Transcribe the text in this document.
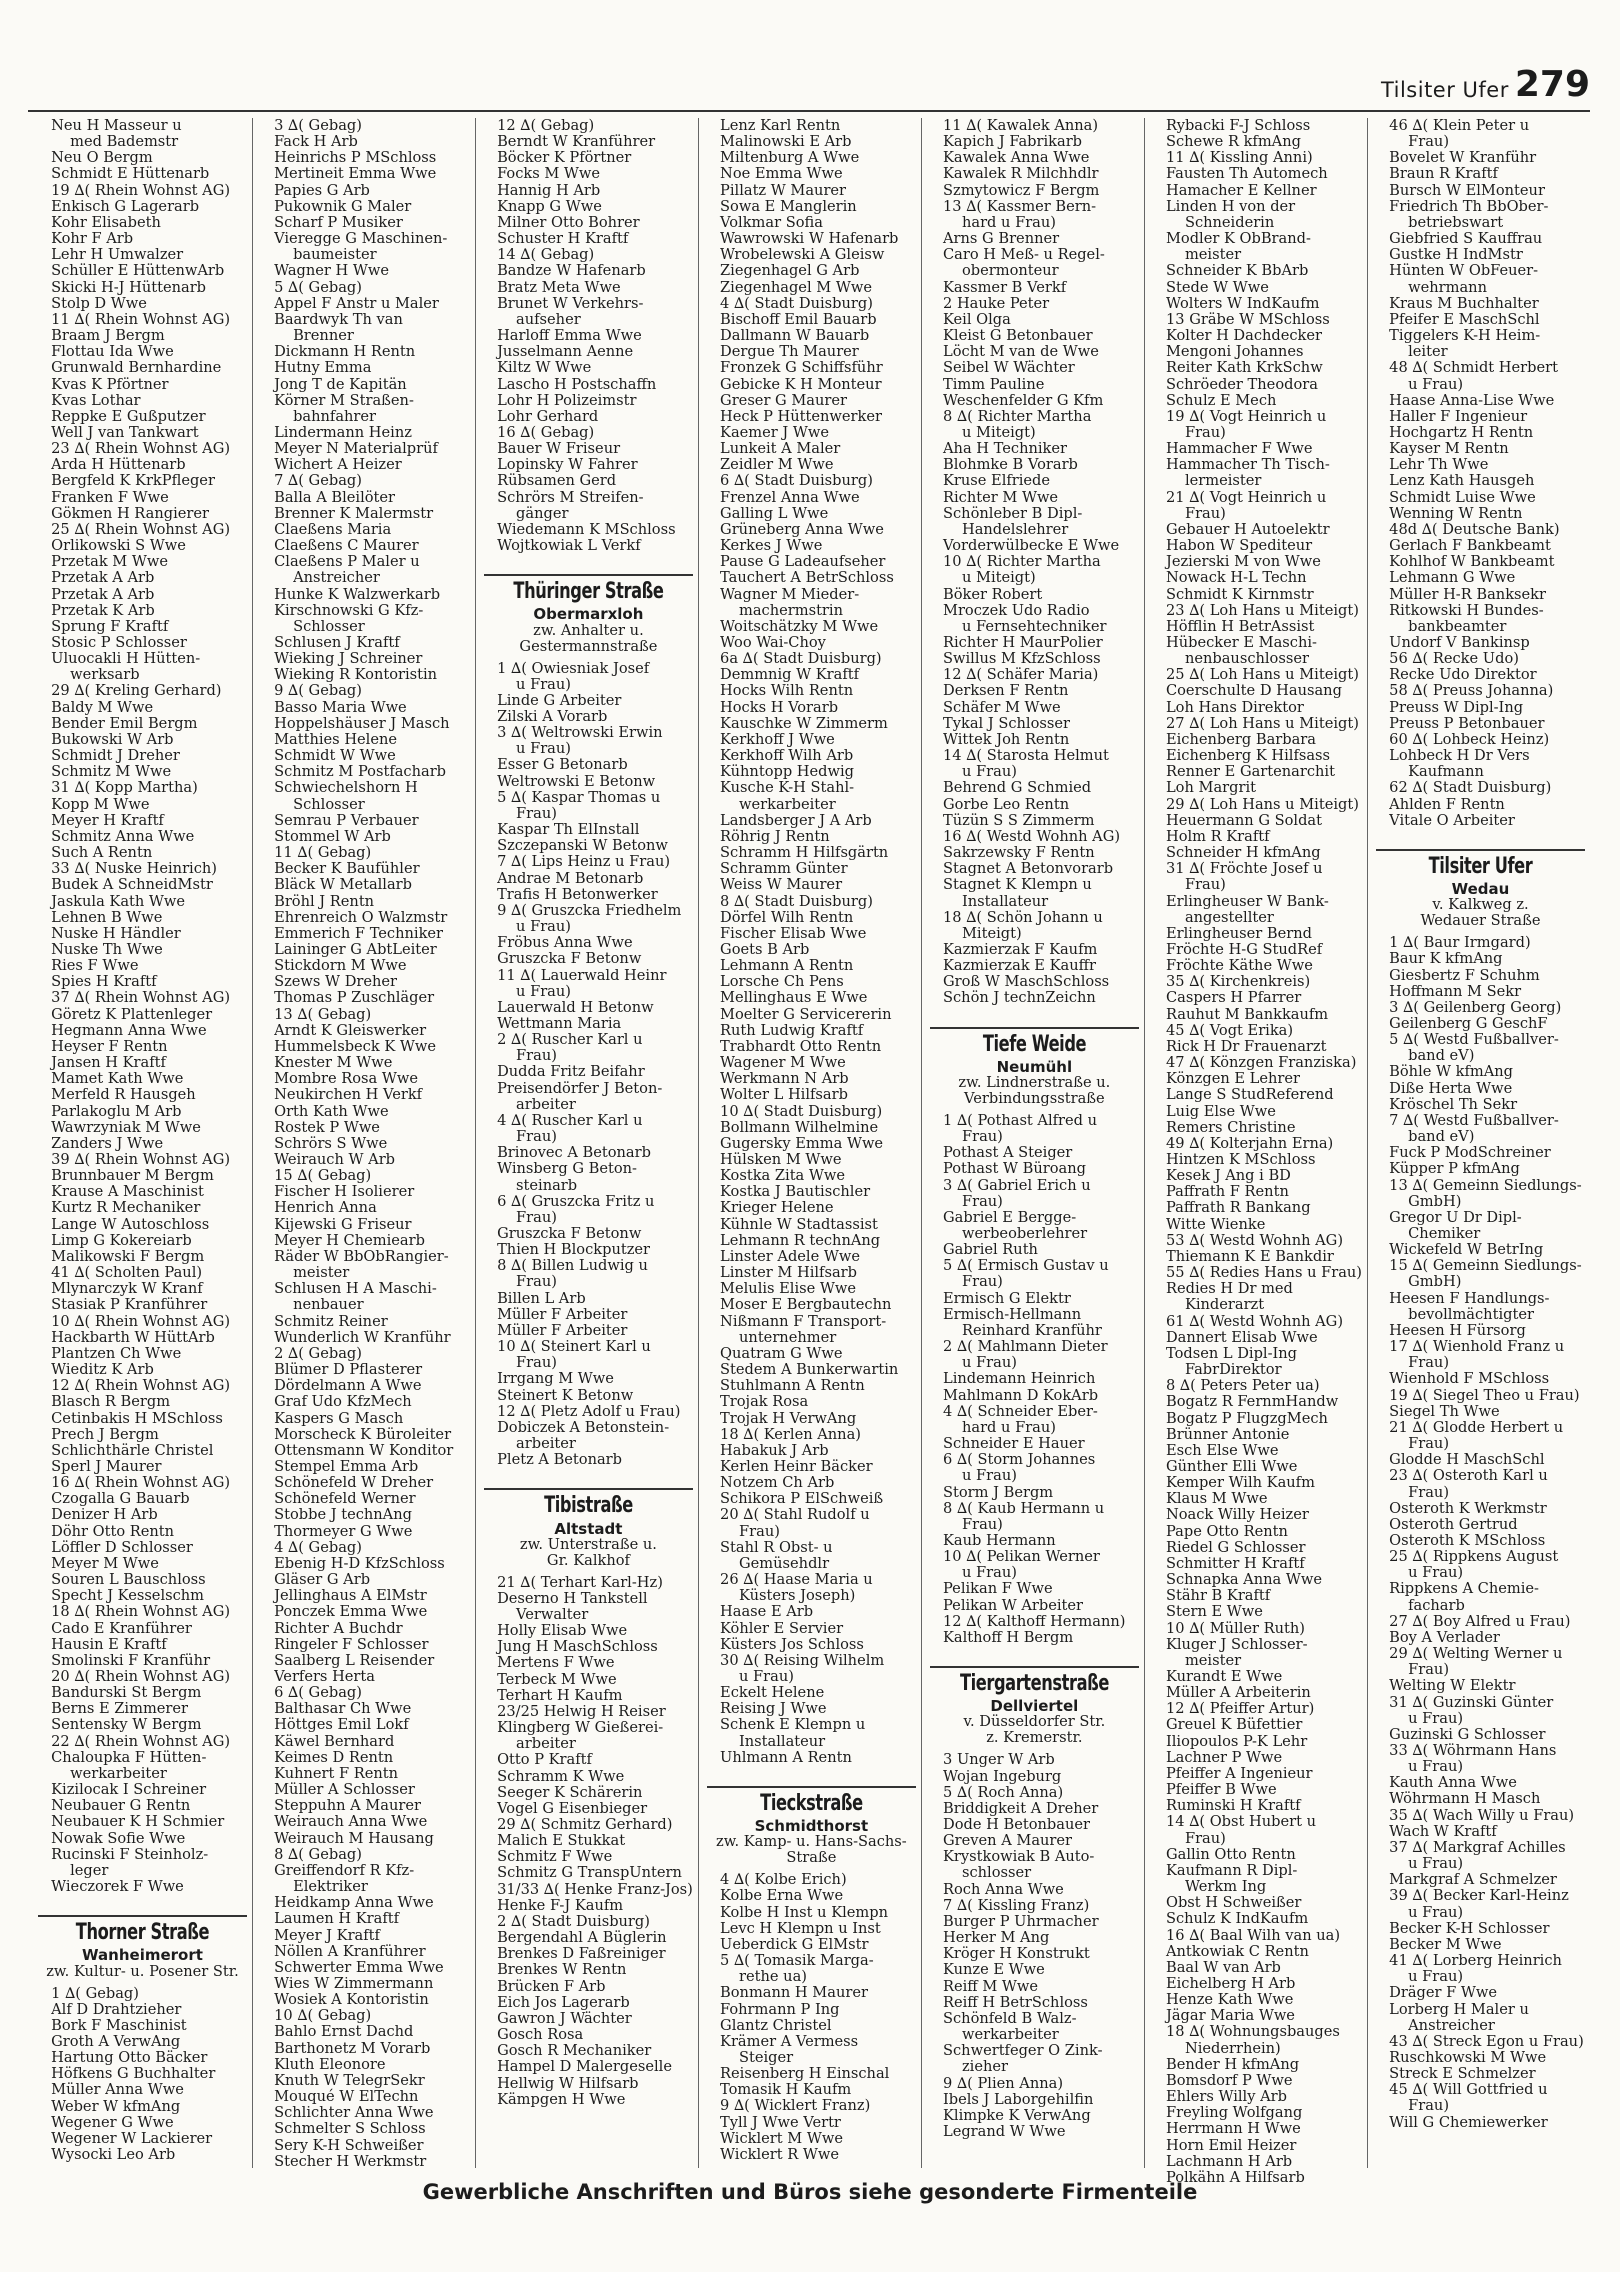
Tilsiter Ufer 279
Neu H Masseur u
med Bademstr
Neu O Bergm
Schmidt E Hüttenarb
19 ∆( Rhein Wohnst AG)
Enkisch G Lagerarb
Kohr Elisabeth
Kohr F Arb
Lehr H Umwalzer
Schüller E HüttenwArb
Skicki H-J Hüttenarb
Stolp D Wwe
11 ∆( Rhein Wohnst AG)
Braam J Bergm
Flottau Ida Wwe
Grunwald Bernhardine
Kvas K Pförtner
Kvas Lothar
Reppke E Gußputzer
Well J van Tankwart
23 ∆( Rhein Wohnst AG)
Arda H Hüttenarb
Bergfeld K KrkPfleger
Franken F Wwe
Gökmen H Rangierer
25 ∆( Rhein Wohnst AG)
Orlikowski S Wwe
Przetak M Wwe
Przetak A Arb
Przetak A Arb
Przetak K Arb
Sprung F Kraftf
Stosic P Schlosser
Uluocakli H Hütten-
werksarb
29 ∆( Kreling Gerhard)
Baldy M Wwe
Bender Emil Bergm
Bukowski W Arb
Schmidt J Dreher
Schmitz M Wwe
31 ∆( Kopp Martha)
Kopp M Wwe
Meyer H Kraftf
Schmitz Anna Wwe
Such A Rentn
33 ∆( Nuske Heinrich)
Budek A SchneidMstr
Jaskula Kath Wwe
Lehnen B Wwe
Nuske H Händler
Nuske Th Wwe
Ries F Wwe
Spies H Kraftf
37 ∆( Rhein Wohnst AG)
Göretz K Plattenleger
Hegmann Anna Wwe
Heyser F Rentn
Jansen H Kraftf
Mamet Kath Wwe
Merfeld R Hausgeh
Parlakoglu M Arb
Wawrzyniak M Wwe
Zanders J Wwe
39 ∆( Rhein Wohnst AG)
Brunnbauer M Bergm
Krause A Maschinist
Kurtz R Mechaniker
Lange W Autoschloss
Limp G Kokereiarb
Malikowski F Bergm
41 ∆( Scholten Paul)
Mlynarczyk W Kranf
Stasiak P Kranführer
10 ∆( Rhein Wohnst AG)
Hackbarth W HüttArb
Plantzen Ch Wwe
Wieditz K Arb
12 ∆( Rhein Wohnst AG)
Blasch R Bergm
Cetinbakis H MSchloss
Prech J Bergm
Schlichthärle Christel
Sperl J Maurer
16 ∆( Rhein Wohnst AG)
Czogalla G Bauarb
Denizer H Arb
Döhr Otto Rentn
Löffler D Schlosser
Meyer M Wwe
Souren L Bauschloss
Specht J Kesselschm
18 ∆( Rhein Wohnst AG)
Cado E Kranführer
Hausin E Kraftf
Smolinski F Kranführ
20 ∆( Rhein Wohnst AG)
Bandurski St Bergm
Berns E Zimmerer
Sentensky W Bergm
22 ∆( Rhein Wohnst AG)
Chaloupka F Hütten-
werkarbeiter
Kizilocak I Schreiner
Neubauer G Rentn
Neubauer K H Schmier
Nowak Sofie Wwe
Rucinski F Steinholz-
leger
Wieczorek F Wwe
Thorner Straße
Wanheimerort
zw. Kultur- u. Posener Str.
1 ∆( Gebag)
Alf D Drahtzieher
Bork F Maschinist
Groth A VerwAng
Hartung Otto Bäcker
Höfkens G Buchhalter
Müller Anna Wwe
Weber W kfmAng
Wegener G Wwe
Wegener W Lackierer
Wysocki Leo Arb
3 ∆( Gebag)
Fack H Arb
Heinrichs P MSchloss
Mertineit Emma Wwe
Papies G Arb
Pukownik G Maler
Scharf P Musiker
Vieregge G Maschinen-
baumeister
Wagner H Wwe
5 ∆( Gebag)
Appel F Anstr u Maler
Baardwyk Th van
Brenner
Dickmann H Rentn
Hutny Emma
Jong T de Kapitän
Körner M Straßen-
bahnfahrer
Lindermann Heinz
Meyer N Materialprüf
Wichert A Heizer
7 ∆( Gebag)
Balla A Bleilöter
Brenner K Malermstr
Claeßens Maria
Claeßens C Maurer
Claeßens P Maler u
Anstreicher
Hunke K Walzwerkarb
Kirschnowski G Kfz-
Schlosser
Schlusen J Kraftf
Wieking J Schreiner
Wieking R Kontoristin
9 ∆( Gebag)
Basso Maria Wwe
Hoppelshäuser J Masch
Matthies Helene
Schmidt W Wwe
Schmitz M Postfacharb
Schwiechelshorn H
Schlosser
Semrau P Verbauer
Stommel W Arb
11 ∆( Gebag)
Becker K Baufühler
Bläck W Metallarb
Bröhl J Rentn
Ehrenreich O Walzmstr
Emmerich F Techniker
Laininger G AbtLeiter
Stickdorn M Wwe
Szews W Dreher
Thomas P Zuschläger
13 ∆( Gebag)
Arndt K Gleiswerker
Hummelsbeck K Wwe
Knester M Wwe
Mombre Rosa Wwe
Neukirchen H Verkf
Orth Kath Wwe
Rostek P Wwe
Schrörs S Wwe
Weirauch W Arb
15 ∆( Gebag)
Fischer H Isolierer
Henrich Anna
Kijewski G Friseur
Meyer H Chemiearb
Räder W BbObRangier-
meister
Schlusen H A Maschi-
nenbauer
Schmitz Reiner
Wunderlich W Kranführ
2 ∆( Gebag)
Blümer D Pflasterer
Dördelmann A Wwe
Graf Udo KfzMech
Kaspers G Masch
Morscheck K Büroleiter
Ottensmann W Konditor
Stempel Emma Arb
Schönefeld W Dreher
Schönefeld Werner
Stobbe J technAng
Thormeyer G Wwe
4 ∆( Gebag)
Ebenig H-D KfzSchloss
Gläser G Arb
Jellinghaus A ElMstr
Ponczek Emma Wwe
Richter A Buchdr
Ringeler F Schlosser
Saalberg L Reisender
Verfers Herta
6 ∆( Gebag)
Balthasar Ch Wwe
Höttges Emil Lokf
Käwel Bernhard
Keimes D Rentn
Kuhnert F Rentn
Müller A Schlosser
Steppuhn A Maurer
Weirauch Anna Wwe
Weirauch M Hausang
8 ∆( Gebag)
Greiffendorf R Kfz-
Elektriker
Heidkamp Anna Wwe
Laumen H Kraftf
Meyer J Kraftf
Nöllen A Kranführer
Schwerter Emma Wwe
Wies W Zimmermann
Wosiek A Kontoristin
10 ∆( Gebag)
Bahlo Ernst Dachd
Barthonetz M Vorarb
Kluth Eleonore
Knuth W TelegrSekr
Mouqué W ElTechn
Schlichter Anna Wwe
Schmelter S Schloss
Sery K-H Schweißer
Stecher H Werkmstr
12 ∆( Gebag)
Berndt W Kranführer
Böcker K Pförtner
Focks M Wwe
Hannig H Arb
Knapp G Wwe
Milner Otto Bohrer
Schuster H Kraftf
14 ∆( Gebag)
Bandze W Hafenarb
Bratz Meta Wwe
Brunet W Verkehrs-
aufseher
Harloff Emma Wwe
Jusselmann Aenne
Kiltz W Wwe
Lascho H Postschaffn
Lohr H Polizeimstr
Lohr Gerhard
16 ∆( Gebag)
Bauer W Friseur
Lopinsky W Fahrer
Rübsamen Gerd
Schrörs M Streifen-
gänger
Wiedemann K MSchloss
Wojtkowiak L Verkf
Thüringer Straße
Obermarxloh
zw. Anhalter u.
Gestermannstraße
1 ∆( Owiesniak Josef
u Frau)
Linde G Arbeiter
Zilski A Vorarb
3 ∆( Weltrowski Erwin
u Frau)
Esser G Betonarb
Weltrowski E Betonw
5 ∆( Kaspar Thomas u
Frau)
Kaspar Th ElInstall
Szczepanski W Betonw
7 ∆( Lips Heinz u Frau)
Andrae M Betonarb
Trafis H Betonwerker
9 ∆( Gruszcka Friedhelm
u Frau)
Fröbus Anna Wwe
Gruszcka F Betonw
11 ∆( Lauerwald Heinr
u Frau)
Lauerwald H Betonw
Wettmann Maria
2 ∆( Ruscher Karl u
Frau)
Dudda Fritz Beifahr
Preisendörfer J Beton-
arbeiter
4 ∆( Ruscher Karl u
Frau)
Brinovec A Betonarb
Winsberg G Beton-
steinarb
6 ∆( Gruszcka Fritz u
Frau)
Gruszcka F Betonw
Thien H Blockputzer
8 ∆( Billen Ludwig u
Frau)
Billen L Arb
Müller F Arbeiter
Müller F Arbeiter
10 ∆( Steinert Karl u
Frau)
Irrgang M Wwe
Steinert K Betonw
12 ∆( Pletz Adolf u Frau)
Dobiczek A Betonstein-
arbeiter
Pletz A Betonarb
Tibistraße
Altstadt
zw. Unterstraße u.
Gr. Kalkhof
21 ∆( Terhart Karl-Hz)
Deserno H Tankstell
Verwalter
Holly Elisab Wwe
Jung H MaschSchloss
Mertens F Wwe
Terbeck M Wwe
Terhart H Kaufm
23/25 Helwig H Reiser
Klingberg W Gießerei-
arbeiter
Otto P Kraftf
Schramm K Wwe
Seeger K Schärerin
Vogel G Eisenbieger
29 ∆( Schmitz Gerhard)
Malich E Stukkat
Schmitz F Wwe
Schmitz G TranspUntern
31/33 ∆( Henke Franz-Jos)
Henke F-J Kaufm
2 ∆( Stadt Duisburg)
Bergendahl A Büglerin
Brenkes D Faßreiniger
Brenkes W Rentn
Brücken F Arb
Eich Jos Lagerarb
Gawron J Wächter
Gosch Rosa
Gosch R Mechaniker
Hampel D Malergeselle
Hellwig W Hilfsarb
Kämpgen H Wwe
Lenz Karl Rentn
Malinowski E Arb
Miltenburg A Wwe
Noe Emma Wwe
Pillatz W Maurer
Sowa E Manglerin
Volkmar Sofia
Wawrowski W Hafenarb
Wrobelewski A Gleisw
Ziegenhagel G Arb
Ziegenhagel M Wwe
4 ∆( Stadt Duisburg)
Bischoff Emil Bauarb
Dallmann W Bauarb
Dergue Th Maurer
Fronzek G Schiffsführ
Gebicke K H Monteur
Greser G Maurer
Heck P Hüttenwerker
Kaemer J Wwe
Lunkeit A Maler
Zeidler M Wwe
6 ∆( Stadt Duisburg)
Frenzel Anna Wwe
Galling L Wwe
Grüneberg Anna Wwe
Kerkes J Wwe
Pause G Ladeaufseher
Tauchert A BetrSchloss
Wagner M Mieder-
machermstrin
Woitschätzky M Wwe
Woo Wai-Choy
6a ∆( Stadt Duisburg)
Demmnig W Kraftf
Hocks Wilh Rentn
Hocks H Vorarb
Kauschke W Zimmerm
Kerkhoff J Wwe
Kerkhoff Wilh Arb
Kühntopp Hedwig
Kusche K-H Stahl-
werkarbeiter
Landsberger J A Arb
Röhrig J Rentn
Schramm H Hilfsgärtn
Schramm Günter
Weiss W Maurer
8 ∆( Stadt Duisburg)
Dörfel Wilh Rentn
Fischer Elisab Wwe
Goets B Arb
Lehmann A Rentn
Lorsche Ch Pens
Mellinghaus E Wwe
Moelter G Servicererin
Ruth Ludwig Kraftf
Trabhardt Otto Rentn
Wagener M Wwe
Werkmann N Arb
Wolter L Hilfsarb
10 ∆( Stadt Duisburg)
Bollmann Wilhelmine
Gugersky Emma Wwe
Hülsken M Wwe
Kostka Zita Wwe
Kostka J Bautischler
Krieger Helene
Kühnle W Stadtassist
Lehmann R technAng
Linster Adele Wwe
Linster M Hilfsarb
Melulis Elise Wwe
Moser E Bergbautechn
Nißmann F Transport-
unternehmer
Quatram G Wwe
Stedem A Bunkerwartin
Stuhlmann A Rentn
Trojak Rosa
Trojak H VerwAng
18 ∆( Kerlen Anna)
Habakuk J Arb
Kerlen Heinr Bäcker
Notzem Ch Arb
Schikora P ElSchweiß
20 ∆( Stahl Rudolf u
Frau)
Stahl R Obst- u
Gemüsehdlr
26 ∆( Haase Maria u
Küsters Joseph)
Haase E Arb
Köhler E Servier
Küsters Jos Schloss
30 ∆( Reising Wilhelm
u Frau)
Eckelt Helene
Reising J Wwe
Schenk E Klempn u
Installateur
Uhlmann A Rentn
Tieckstraße
Schmidthorst
zw. Kamp- u. Hans-Sachs-
Straße
4 ∆( Kolbe Erich)
Kolbe Erna Wwe
Kolbe H Inst u Klempn
Levc H Klempn u Inst
Ueberdick G ElMstr
5 ∆( Tomasik Marga-
rethe ua)
Bonmann H Maurer
Fohrmann P Ing
Glantz Christel
Krämer A Vermess
Steiger
Reisenberg H Einschal
Tomasik H Kaufm
9 ∆( Wicklert Franz)
Tyll J Wwe Vertr
Wicklert M Wwe
Wicklert R Wwe
11 ∆( Kawalek Anna)
Kapich J Fabrikarb
Kawalek Anna Wwe
Kawalek R Milchhdlr
Szmytowicz F Bergm
13 ∆( Kassmer Bern-
hard u Frau)
Arns G Brenner
Caro H Meß- u Regel-
obermonteur
Kassmer B Verkf
2 Hauke Peter
Keil Olga
Kleist G Betonbauer
Löcht M van de Wwe
Seibel W Wächter
Timm Pauline
Weschenfelder G Kfm
8 ∆( Richter Martha
u Miteigt)
Aha H Techniker
Blohmke B Vorarb
Kruse Elfriede
Richter M Wwe
Schönleber B Dipl-
Handelslehrer
Vorderwülbecke E Wwe
10 ∆( Richter Martha
u Miteigt)
Böker Robert
Mroczek Udo Radio
u Fernsehtechniker
Richter H MaurPolier
Swillus M KfzSchloss
12 ∆( Schäfer Maria)
Derksen F Rentn
Schäfer M Wwe
Tykal J Schlosser
Wittek Joh Rentn
14 ∆( Starosta Helmut
u Frau)
Behrend G Schmied
Gorbe Leo Rentn
Tüzün S S Zimmerm
16 ∆( Westd Wohnh AG)
Sakrzewsky F Rentn
Stagnet A Betonvorarb
Stagnet K Klempn u
Installateur
18 ∆( Schön Johann u
Miteigt)
Kazmierzak F Kaufm
Kazmierzak E Kauffr
Groß W MaschSchloss
Schön J technZeichn
Tiefe Weide
Neumühl
zw. Lindnerstraße u.
Verbindungsstraße
1 ∆( Pothast Alfred u
Frau)
Pothast A Steiger
Pothast W Büroang
3 ∆( Gabriel Erich u
Frau)
Gabriel E Bergge-
werbeoberlehrer
Gabriel Ruth
5 ∆( Ermisch Gustav u
Frau)
Ermisch G Elektr
Ermisch-Hellmann
Reinhard Kranführ
2 ∆( Mahlmann Dieter
u Frau)
Lindemann Heinrich
Mahlmann D KokArb
4 ∆( Schneider Eber-
hard u Frau)
Schneider E Hauer
6 ∆( Storm Johannes
u Frau)
Storm J Bergm
8 ∆( Kaub Hermann u
Frau)
Kaub Hermann
10 ∆( Pelikan Werner
u Frau)
Pelikan F Wwe
Pelikan W Arbeiter
12 ∆( Kalthoff Hermann)
Kalthoff H Bergm
Tiergartenstraße
Dellviertel
v. Düsseldorfer Str.
z. Kremerstr.
3 Unger W Arb
Wojan Ingeburg
5 ∆( Roch Anna)
Briddigkeit A Dreher
Dode H Betonbauer
Greven A Maurer
Krystkowiak B Auto-
schlosser
Roch Anna Wwe
7 ∆( Kissling Franz)
Burger P Uhrmacher
Herker M Ang
Kröger H Konstrukt
Kunze E Wwe
Reiff M Wwe
Reiff H BetrSchloss
Schönfeld B Walz-
werkarbeiter
Schwertfeger O Zink-
zieher
9 ∆( Plien Anna)
Ibels J Laborgehilfin
Klimpke K VerwAng
Legrand W Wwe
Rybacki F-J Schloss
Schewe R kfmAng
11 ∆( Kissling Anni)
Fausten Th Automech
Hamacher E Kellner
Linden H von der
Schneiderin
Modler K ObBrand-
meister
Schneider K BbArb
Stede W Wwe
Wolters W IndKaufm
13 Gräbe W MSchloss
Kolter H Dachdecker
Mengoni Johannes
Reiter Kath KrkSchw
Schröeder Theodora
Schulz E Mech
19 ∆( Vogt Heinrich u
Frau)
Hammacher F Wwe
Hammacher Th Tisch-
lermeister
21 ∆( Vogt Heinrich u
Frau)
Gebauer H Autoelektr
Habon W Spediteur
Jezierski M von Wwe
Nowack H-L Techn
Schmidt K Kirnmstr
23 ∆( Loh Hans u Miteigt)
Höfflin H BetrAssist
Hübecker E Maschi-
nenbauschlosser
25 ∆( Loh Hans u Miteigt)
Coerschulte D Hausang
Loh Hans Direktor
27 ∆( Loh Hans u Miteigt)
Eichenberg Barbara
Eichenberg K Hilfsass
Renner E Gartenarchit
Loh Margrit
29 ∆( Loh Hans u Miteigt)
Heuermann G Soldat
Holm R Kraftf
Schneider H kfmAng
31 ∆( Fröchte Josef u
Frau)
Erlingheuser W Bank-
angestellter
Erlingheuser Bernd
Fröchte H-G StudRef
Fröchte Käthe Wwe
35 ∆( Kirchenkreis)
Caspers H Pfarrer
Rauhut M Bankkaufm
45 ∆( Vogt Erika)
Rick H Dr Frauenarzt
47 ∆( Könzgen Franziska)
Könzgen E Lehrer
Lange S StudReferend
Luig Else Wwe
Remers Christine
49 ∆( Kolterjahn Erna)
Hintzen K MSchloss
Kesek J Ang i BD
Paffrath F Rentn
Paffrath R Bankang
Witte Wienke
53 ∆( Westd Wohnh AG)
Thiemann K E Bankdir
55 ∆( Redies Hans u Frau)
Redies H Dr med
Kinderarzt
61 ∆( Westd Wohnh AG)
Dannert Elisab Wwe
Todsen L Dipl-Ing
FabrDirektor
8 ∆( Peters Peter ua)
Bogatz R FernmHandw
Bogatz P FlugzgMech
Brünner Antonie
Esch Else Wwe
Günther Elli Wwe
Kemper Wilh Kaufm
Klaus M Wwe
Noack Willy Heizer
Pape Otto Rentn
Riedel G Schlosser
Schmitter H Kraftf
Schnapka Anna Wwe
Stähr B Kraftf
Stern E Wwe
10 ∆( Müller Ruth)
Kluger J Schlosser-
meister
Kurandt E Wwe
Müller A Arbeiterin
12 ∆( Pfeiffer Artur)
Greuel K Büfettier
Iliopoulos P-K Lehr
Lachner P Wwe
Pfeiffer A Ingenieur
Pfeiffer B Wwe
Ruminski H Kraftf
14 ∆( Obst Hubert u
Frau)
Gallin Otto Rentn
Kaufmann R Dipl-
Werkm Ing
Obst H Schweißer
Schulz K IndKaufm
16 ∆( Baal Wilh van ua)
Antkowiak C Rentn
Baal W van Arb
Eichelberg H Arb
Henze Kath Wwe
Jägar Maria Wwe
18 ∆( Wohnungsbauges
Niederrhein)
Bender H kfmAng
Bomsdorf P Wwe
Ehlers Willy Arb
Freyling Wolfgang
Herrmann H Wwe
Horn Emil Heizer
Lachmann H Arb
Polkähn A Hilfsarb
46 ∆( Klein Peter u
Frau)
Bovelet W Kranführ
Braun R Kraftf
Bursch W ElMonteur
Friedrich Th BbOber-
betriebswart
Giebfried S Kauffrau
Gustke H IndMstr
Hünten W ObFeuer-
wehrmann
Kraus M Buchhalter
Pfeifer E MaschSchl
Tiggelers K-H Heim-
leiter
48 ∆( Schmidt Herbert
u Frau)
Haase Anna-Lise Wwe
Haller F Ingenieur
Hochgartz H Rentn
Kayser M Rentn
Lehr Th Wwe
Lenz Kath Hausgeh
Schmidt Luise Wwe
Wenning W Rentn
48d ∆( Deutsche Bank)
Gerlach F Bankbeamt
Kohlhof W Bankbeamt
Lehmann G Wwe
Müller H-R Banksekr
Ritkowski H Bundes-
bankbeamter
Undorf V Bankinsp
56 ∆( Recke Udo)
Recke Udo Direktor
58 ∆( Preuss Johanna)
Preuss W Dipl-Ing
Preuss P Betonbauer
60 ∆( Lohbeck Heinz)
Lohbeck H Dr Vers
Kaufmann
62 ∆( Stadt Duisburg)
Ahlden F Rentn
Vitale O Arbeiter
Tilsiter Ufer
Wedau
v. Kalkweg z.
Wedauer Straße
1 ∆( Baur Irmgard)
Baur K kfmAng
Giesbertz F Schuhm
Hoffmann M Sekr
3 ∆( Geilenberg Georg)
Geilenberg G GeschF
5 ∆( Westd Fußballver-
band eV)
Böhle W kfmAng
Diße Herta Wwe
Kröschel Th Sekr
7 ∆( Westd Fußballver-
band eV)
Fuck P ModSchreiner
Küpper P kfmAng
13 ∆( Gemeinn Siedlungs-
GmbH)
Gregor U Dr Dipl-
Chemiker
Wickefeld W BetrIng
15 ∆( Gemeinn Siedlungs-
GmbH)
Heesen F Handlungs-
bevollmächtigter
Heesen H Fürsorg
17 ∆( Wienhold Franz u
Frau)
Wienhold F MSchloss
19 ∆( Siegel Theo u Frau)
Siegel Th Wwe
21 ∆( Glodde Herbert u
Frau)
Glodde H MaschSchl
23 ∆( Osteroth Karl u
Frau)
Osteroth K Werkmstr
Osteroth Gertrud
Osteroth K MSchloss
25 ∆( Rippkens August
u Frau)
Rippkens A Chemie-
facharb
27 ∆( Boy Alfred u Frau)
Boy A Verlader
29 ∆( Welting Werner u
Frau)
Welting W Elektr
31 ∆( Guzinski Günter
u Frau)
Guzinski G Schlosser
33 ∆( Wöhrmann Hans
u Frau)
Kauth Anna Wwe
Wöhrmann H Masch
35 ∆( Wach Willy u Frau)
Wach W Kraftf
37 ∆( Markgraf Achilles
u Frau)
Markgraf A Schmelzer
39 ∆( Becker Karl-Heinz
u Frau)
Becker K-H Schlosser
Becker M Wwe
41 ∆( Lorberg Heinrich
u Frau)
Dräger F Wwe
Lorberg H Maler u
Anstreicher
43 ∆( Streck Egon u Frau)
Ruschkowski M Wwe
Streck E Schmelzer
45 ∆( Will Gottfried u
Frau)
Will G Chemiewerker
Gewerbliche Anschriften und Büros siehe gesonderte Firmenteile
